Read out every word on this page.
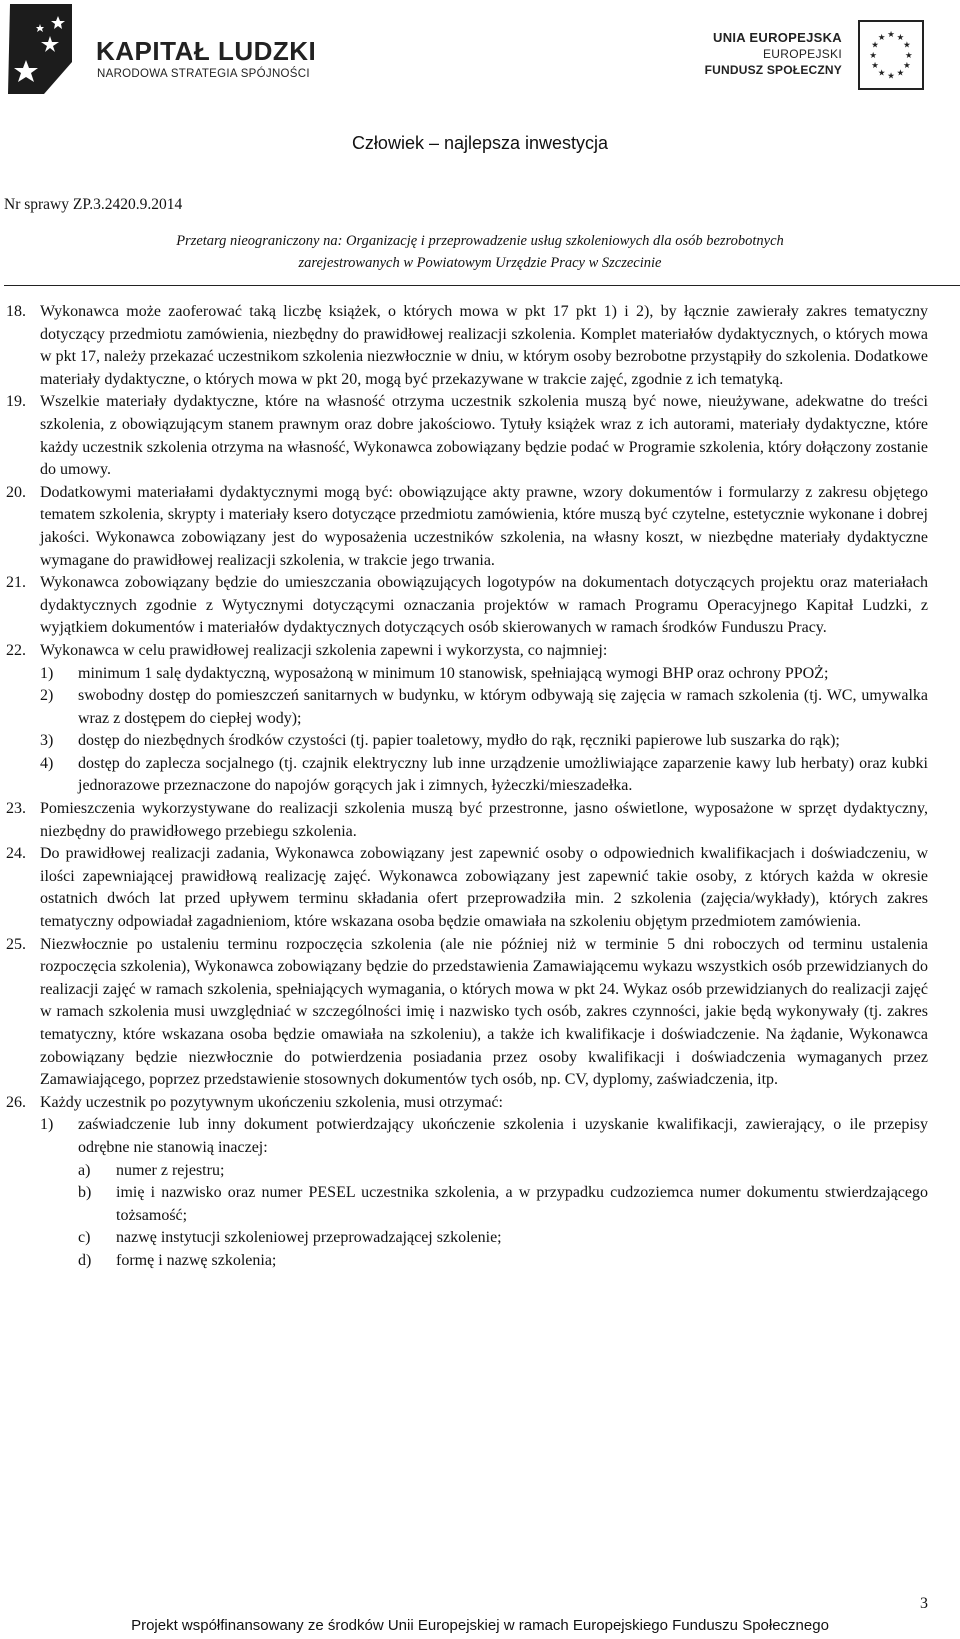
KAPITAŁ LUDZKI
NARODOWA STRATEGIA SPÓJNOŚCI
UNIA EUROPEJSKA
EUROPEJSKI
FUNDUSZ SPOŁECZNY
★ ★
★
★
★
★
★
★
★
★
★
★
Człowiek – najlepsza inwestycja
Nr sprawy ZP.3.2420.9.2014
Przetarg nieograniczony na: Organizację i przeprowadzenie usług szkoleniowych dla osób bezrobotnych
zarejestrowanych w Powiatowym Urzędzie Pracy w Szczecinie
18. Wykonawca może zaoferować taką liczbę książek, o których mowa w pkt 17 pkt 1) i 2), by łącznie zawierały zakres tematyczny dotyczący przedmiotu zamówienia, niezbędny do prawidłowej realizacji szkolenia. Komplet materiałów dydaktycznych, o których mowa w pkt 17, należy przekazać uczestnikom szkolenia niezwłocznie w dniu, w którym osoby bezrobotne przystąpiły do szkolenia. Dodatkowe materiały dydaktyczne, o których mowa w pkt 20, mogą być przekazywane w trakcie zajęć, zgodnie z ich tematyką.
19. Wszelkie materiały dydaktyczne, które na własność otrzyma uczestnik szkolenia muszą być nowe, nieużywane, adekwatne do treści szkolenia, z obowiązującym stanem prawnym oraz dobre jakościowo. Tytuły książek wraz z ich autorami, materiały dydaktyczne, które każdy uczestnik szkolenia otrzyma na własność, Wykonawca zobowiązany będzie podać w Programie szkolenia, który dołączony zostanie do umowy.
20. Dodatkowymi materiałami dydaktycznymi mogą być: obowiązujące akty prawne, wzory dokumentów i formularzy z zakresu objętego tematem szkolenia, skrypty i materiały ksero dotyczące przedmiotu zamówienia, które muszą być czytelne, estetycznie wykonane i dobrej jakości. Wykonawca zobowiązany jest do wyposażenia uczestników szkolenia, na własny koszt, w niezbędne materiały dydaktyczne wymagane do prawidłowej realizacji szkolenia, w trakcie jego trwania.
21. Wykonawca zobowiązany będzie do umieszczania obowiązujących logotypów na dokumentach dotyczących projektu oraz materiałach dydaktycznych zgodnie z Wytycznymi dotyczącymi oznaczania projektów w ramach Programu Operacyjnego Kapitał Ludzki, z wyjątkiem dokumentów i materiałów dydaktycznych dotyczących osób skierowanych w ramach środków Funduszu Pracy.
22. Wykonawca w celu prawidłowej realizacji szkolenia zapewni i wykorzysta, co najmniej:
1) minimum 1 salę dydaktyczną, wyposażoną w minimum 10 stanowisk, spełniającą wymogi BHP oraz ochrony PPOŻ;
2) swobodny dostęp do pomieszczeń sanitarnych w budynku, w którym odbywają się zajęcia w ramach szkolenia (tj. WC, umywalka wraz z dostępem do ciepłej wody);
3) dostęp do niezbędnych środków czystości (tj. papier toaletowy, mydło do rąk, ręczniki papierowe lub suszarka do rąk);
4) dostęp do zaplecza socjalnego (tj. czajnik elektryczny lub inne urządzenie umożliwiające zaparzenie kawy lub herbaty) oraz kubki jednorazowe przeznaczone do napojów gorących jak i zimnych, łyżeczki/mieszadełka.
23. Pomieszczenia wykorzystywane do realizacji szkolenia muszą być przestronne, jasno oświetlone, wyposażone w sprzęt dydaktyczny, niezbędny do prawidłowego przebiegu szkolenia.
24. Do prawidłowej realizacji zadania, Wykonawca zobowiązany jest zapewnić osoby o odpowiednich kwalifikacjach i doświadczeniu, w ilości zapewniającej prawidłową realizację zajęć. Wykonawca zobowiązany jest zapewnić takie osoby, z których każda w okresie ostatnich dwóch lat przed upływem terminu składania ofert przeprowadziła min. 2 szkolenia (zajęcia/wykłady), których zakres tematyczny odpowiadał zagadnieniom, które wskazana osoba będzie omawiała na szkoleniu objętym przedmiotem zamówienia.
25. Niezwłocznie po ustaleniu terminu rozpoczęcia szkolenia (ale nie później niż w terminie 5 dni roboczych od terminu ustalenia rozpoczęcia szkolenia), Wykonawca zobowiązany będzie do przedstawienia Zamawiającemu wykazu wszystkich osób przewidzianych do realizacji zajęć w ramach szkolenia, spełniających wymagania, o których mowa w pkt 24. Wykaz osób przewidzianych do realizacji zajęć w ramach szkolenia musi uwzględniać w szczególności imię i nazwisko tych osób, zakres czynności, jakie będą wykonywały (tj. zakres tematyczny, które wskazana osoba będzie omawiała na szkoleniu), a także ich kwalifikacje i doświadczenie. Na żądanie, Wykonawca zobowiązany będzie niezwłocznie do potwierdzenia posiadania przez osoby kwalifikacji i doświadczenia wymaganych przez Zamawiającego, poprzez przedstawienie stosownych dokumentów tych osób, np. CV, dyplomy, zaświadczenia, itp.
26. Każdy uczestnik po pozytywnym ukończeniu szkolenia, musi otrzymać:
1) zaświadczenie lub inny dokument potwierdzający ukończenie szkolenia i uzyskanie kwalifikacji, zawierający, o ile przepisy odrębne nie stanowią inaczej:
a) numer z rejestru;
b) imię i nazwisko oraz numer PESEL uczestnika szkolenia, a w przypadku cudzoziemca numer dokumentu stwierdzającego tożsamość;
c) nazwę instytucji szkoleniowej przeprowadzającej szkolenie;
d) formę i nazwę szkolenia;
3
Projekt współfinansowany ze środków Unii Europejskiej w ramach Europejskiego Funduszu Społecznego
